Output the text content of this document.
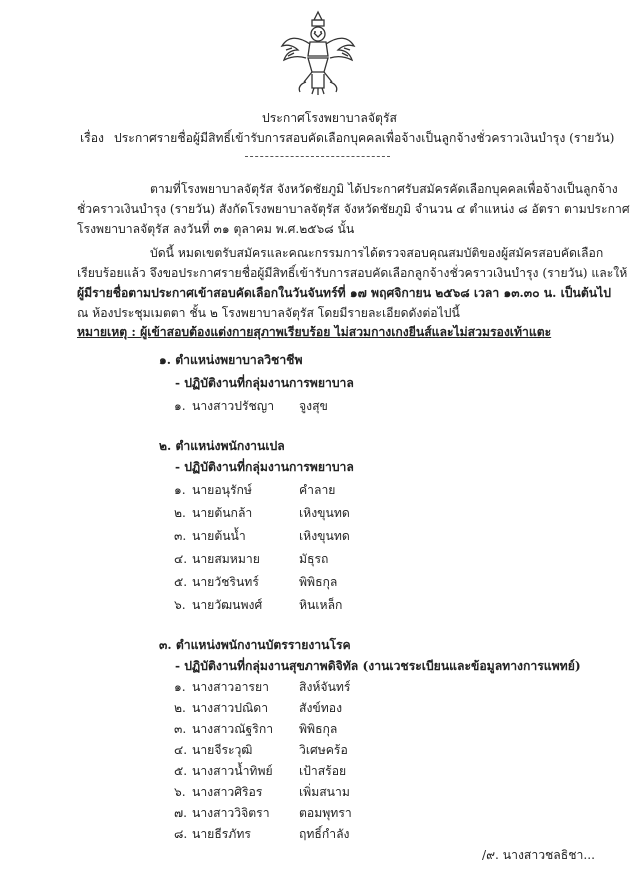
ประกาศโรงพยาบาลจัตุรัส
เรื่อง ประกาศรายชื่อผู้มีสิทธิ์เข้ารับการสอบคัดเลือกบุคคลเพื่อจ้างเป็นลูกจ้างชั่วคราวเงินบำรุง (รายวัน)
ตามที่โรงพยาบาลจัตุรัส จังหวัดชัยภูมิ ได้ประกาศรับสมัครคัดเลือกบุคคลเพื่อจ้างเป็นลูกจ้าง
ชั่วคราวเงินบำรุง (รายวัน) สังกัดโรงพยาบาลจัตุรัส จังหวัดชัยภูมิ จำนวน ๔ ตำแหน่ง ๘ อัตรา ตามประกาศ
โรงพยาบาลจัตุรัส ลงวันที่ ๓๑ ตุลาคม พ.ศ.๒๕๖๘ นั้น
บัดนี้ หมดเขตรับสมัครและคณะกรรมการได้ตรวจสอบคุณสมบัติของผู้สมัครสอบคัดเลือก
เรียบร้อยแล้ว จึงขอประกาศรายชื่อผู้มีสิทธิ์เข้ารับการสอบคัดเลือกลูกจ้างชั่วคราวเงินบำรุง (รายวัน) และให้
ผู้มีรายชื่อตามประกาศเข้าสอบคัดเลือกในวันจันทร์ที่ ๑๗ พฤศจิกายน ๒๕๖๘ เวลา ๑๓.๓๐ น. เป็นต้นไป
ณ ห้องประชุมเมตตา ชั้น ๒ โรงพยาบาลจัตุรัส โดยมีรายละเอียดดังต่อไปนี้
หมายเหตุ : ผู้เข้าสอบต้องแต่งกายสุภาพเรียบร้อย ไม่สวมกางเกงยีนส์และไม่สวมรองเท้าแตะ
๑. ตำแหน่งพยาบาลวิชาชีพ
- ปฏิบัติงานที่กลุ่มงานการพยาบาล
๑. นางสาวปรัชญา จูงสุข
๒. ตำแหน่งพนักงานเปล
- ปฏิบัติงานที่กลุ่มงานการพยาบาล
๑. นายอนุรักษ์	คำลาย
๒. นายต้นกล้า	เหิงขุนทด
๓. นายต้นน้ำ	เหิงขุนทด
๔. นายสมหมาย	มัธุรถ
๕. นายวัชรินทร์	พิพิธกุล
๖. นายวัฒนพงศ์	หินเหล็ก
๓. ตำแหน่งพนักงานบัตรรายงานโรค
- ปฏิบัติงานที่กลุ่มงานสุขภาพดิจิทัล (งานเวชระเบียนและข้อมูลทางการแพทย์)
๑. นางสาวอารยา สิงห์จันทร์
๒. นางสาวปณิดา	สังข์ทอง
๓. นางสาวณัฐริกา พิพิธกุล
๔. นายจีระวุฒิ	วิเศษคร้อ
๕. นางสาวน้ำทิพย์ เป้าสร้อย
๖. นางสาวศิริอร	เพิ่มสนาม
๗. นางสาววิจิตรา ตอมพุทรา
๘. นายธีรภัทร	ฤทธิ์กำลัง
/๙. นางสาวชลธิชา...
